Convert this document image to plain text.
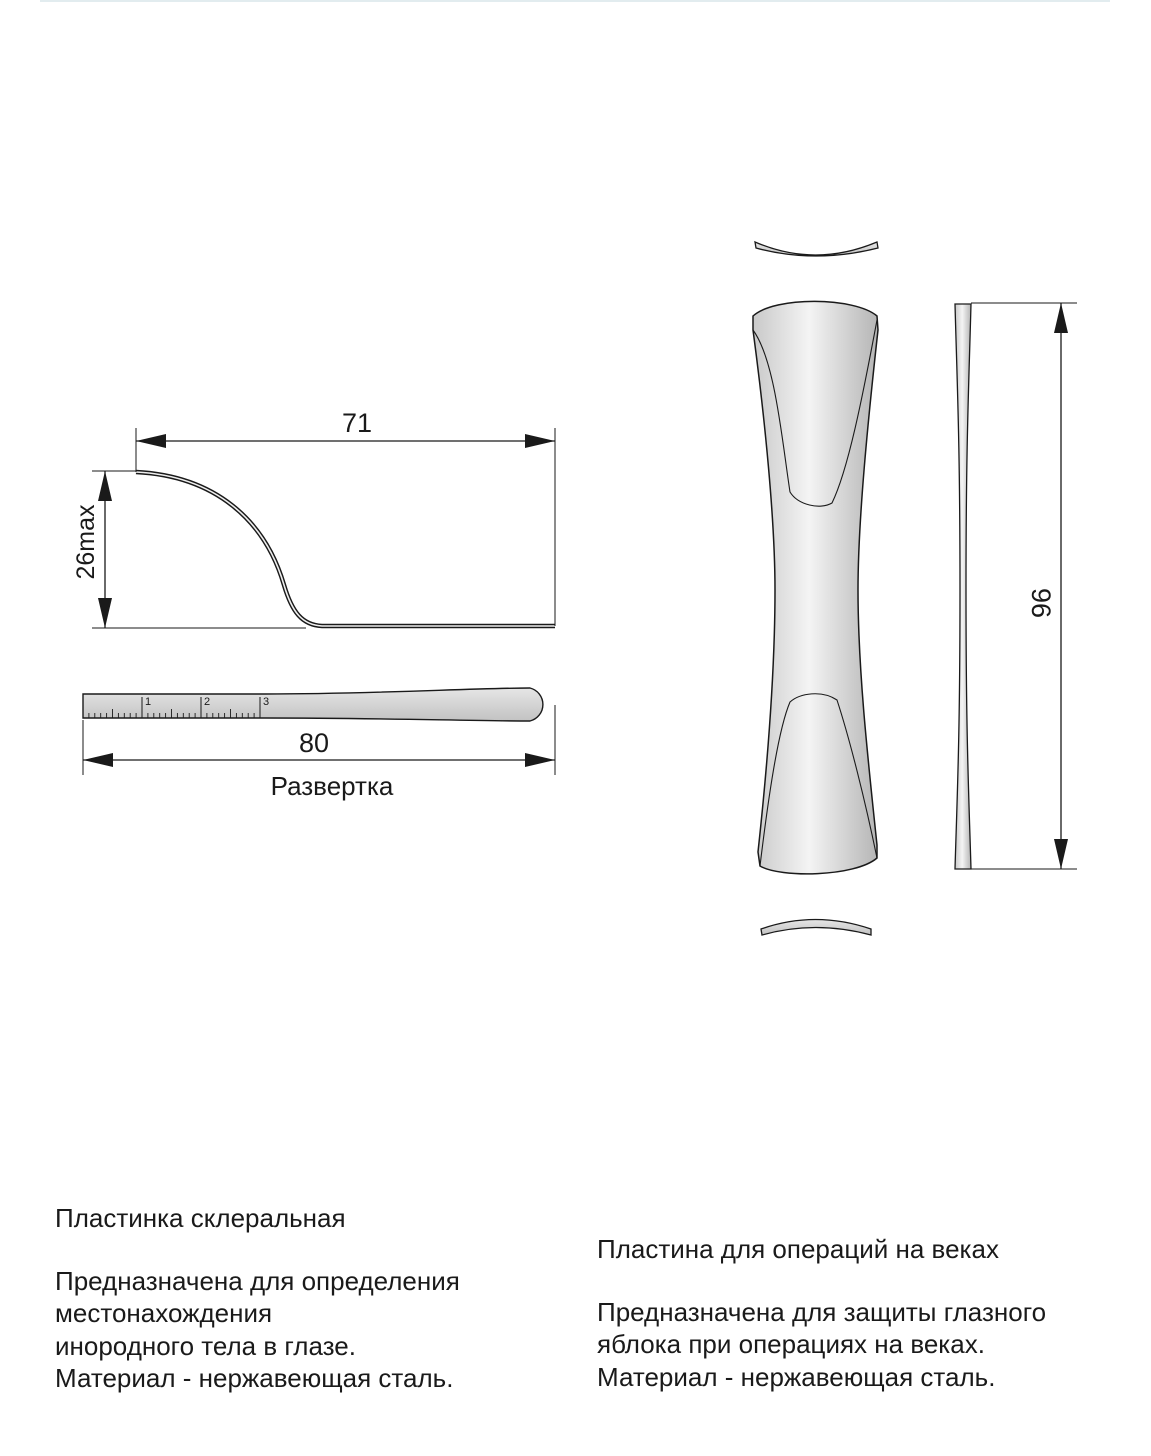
71
26max
1	2	3
80
Развертка
96

Пластинка склеральная

Предназначена для определения

местонахождения

инородного тела в глазе.

Материал - нержавеющая сталь.

Пластина для операций на веках

Предназначена для защиты глазного

яблока при операциях на веках.

Материал - нержавеющая сталь.
